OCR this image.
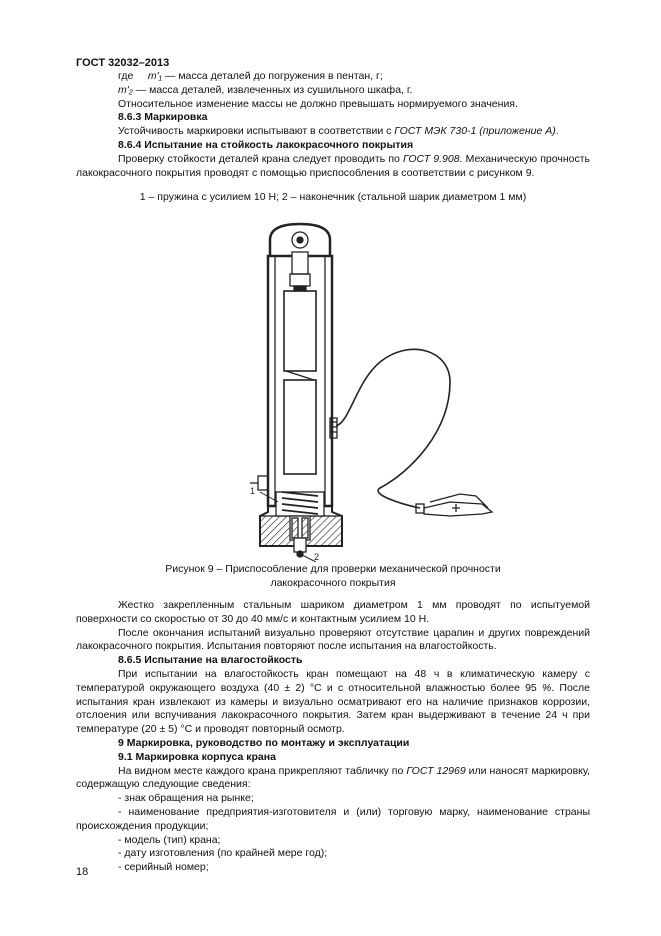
ГОСТ 32032–2013

где m'₁ — масса деталей до погружения в пентан, г;

m'₂ — масса деталей, извлеченных из сушильного шкафа, г.

Относительное изменение массы не должно превышать нормируемого значения.

8.6.3 Маркировка

Устойчивость маркировки испытывают в соответствии с ГОСТ МЭК 730-1 (приложение А).

8.6.4 Испытание на стойкость лакокрасочного покрытия

Проверку стойкости деталей крана следует проводить по ГОСТ 9.908. Механическую прочность лакокрасочного покрытия проводят с помощью приспособления в соответствии с рисунком 9.

1 – пружина с усилием 10 Н; 2 – наконечник (стальной шарик диаметром 1 мм)

1
2
Рисунок 9 – Приспособление для проверки механической прочности
лакокрасочного покрытия

Жестко закрепленным стальным шариком диаметром 1 мм проводят по испытуемой поверхности со скоростью от 30 до 40 мм/с и контактным усилием 10 Н.

После окончания испытаний визуально проверяют отсутствие царапин и других повреждений лакокрасочного покрытия. Испытания повторяют после испытания на влагостойкость.

8.6.5 Испытание на влагостойкость

При испытании на влагостойкость кран помещают на 48 ч в климатическую камеру с температурой окружающего воздуха (40 ± 2) °С и с относительной влажностью более 95 %. После испытания кран извлекают из камеры и визуально осматривают его на наличие признаков коррозии, отслоения или вспучивания лакокрасочного покрытия. Затем кран выдерживают в течение 24 ч при температуре (20 ± 5) °С и проводят повторный осмотр.

9 Маркировка, руководство по монтажу и эксплуатации

9.1 Маркировка корпуса крана

На видном месте каждого крана прикрепляют табличку по ГОСТ 12969 или наносят маркировку, содержащую следующие сведения:

- знак обращения на рынке;

- наименование предприятия-изготовителя и (или) торговую марку, наименование страны происхождения продукции;

- модель (тип) крана;

- дату изготовления (по крайней мере год);

- серийный номер;

18
